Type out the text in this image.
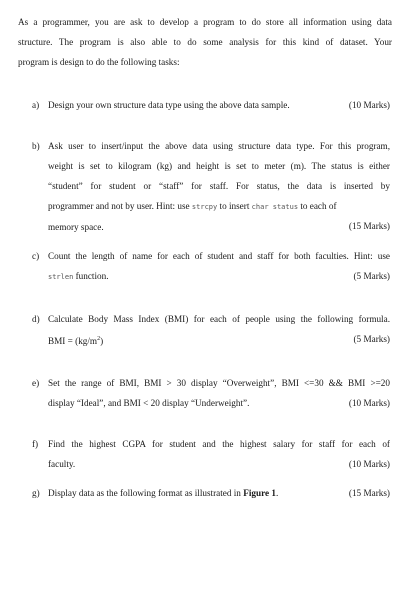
As a programmer, you are ask to develop a program to do store all information using data
structure. The program is also able to do some analysis for this kind of dataset. Your
program is design to do the following tasks:
a) Design your own structure data type using the above data sample.	(10 Marks)
b) Ask user to insert/input the above data using structure data type. For this program,
weight is set to kilogram (kg) and height is set to meter (m). The status is either
“student” for student or “staff” for staff. For status, the data is inserted by
programmer and not by user. Hint: use strcpy to insert char status to each of
memory space.	(15 Marks)
c) Count the length of name for each of student and staff for both faculties. Hint: use
strlen function.	(5 Marks)
d) Calculate Body Mass Index (BMI) for each of people using the following formula.
BMI = $(kg/m^2)$	(5 Marks)
e) Set the range of BMI, BMI > 30 display “Overweight”, BMI <=30 && BMI >=20
display “Ideal”, and BMI < 20 display “Underweight”.	(10 Marks)
f) Find the highest CGPA for student and the highest salary for staff for each of
faculty.	(10 Marks)
g) Display data as the following format as illustrated in Figure 1.	(15 Marks)
